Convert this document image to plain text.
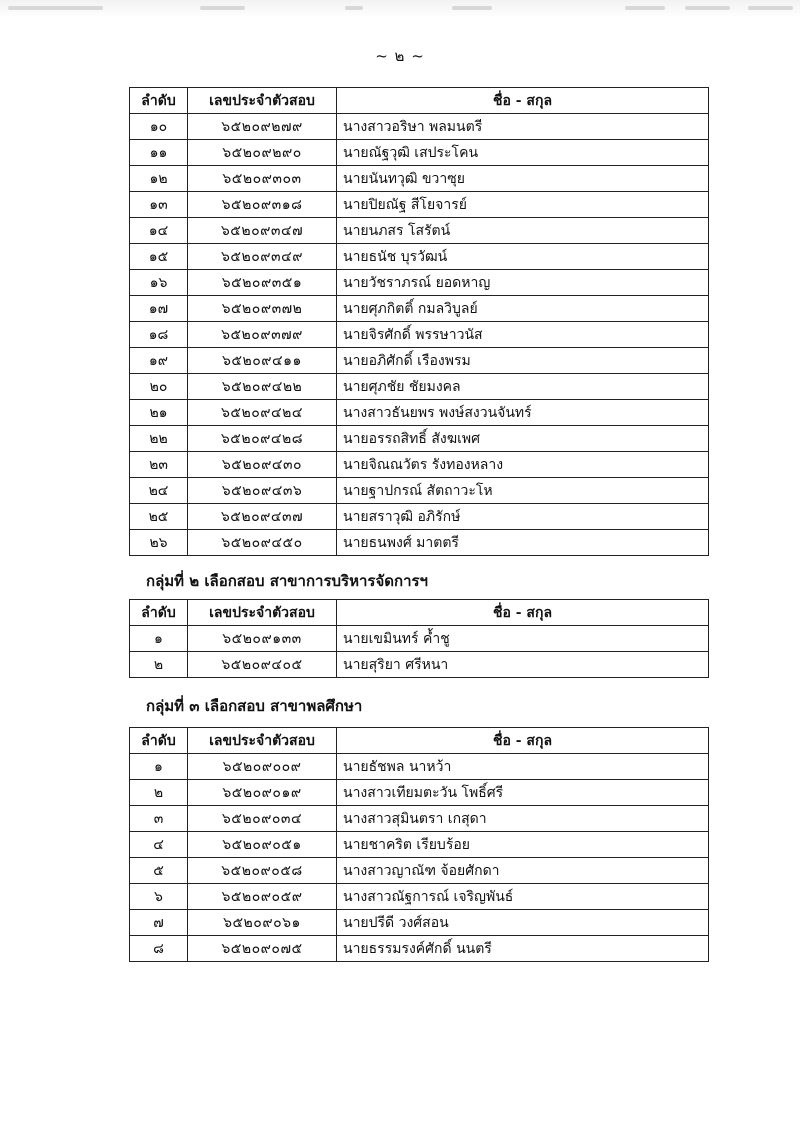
~ ๒ ~
ลำดับ	เลขประจำตัวสอบ	ชื่อ - สกุล
๑๐	๖๕๒๐๙๒๗๙	นางสาวอริษา พลมนตรี
๑๑	๖๕๒๐๙๒๙๐	นายณัฐวุฒิ เสประโคน
๑๒	๖๕๒๐๙๓๐๓	นายนันทวุฒิ ขวาซุย
๑๓	๖๕๒๐๙๓๑๘	นายปิยณัฐ สีโยจารย์
๑๔	๖๕๒๐๙๓๔๗	นายนภสร โสรัตน์
๑๕	๖๕๒๐๙๓๔๙	นายธนัช บุรวัฒน์
๑๖	๖๕๒๐๙๓๕๑	นายวัชราภรณ์ ยอดหาญ
๑๗	๖๕๒๐๙๓๗๒	นายศุภกิตติ์ กมลวิบูลย์
๑๘	๖๕๒๐๙๓๗๙	นายจิรศักดิ์ พรรษาวนัส
๑๙	๖๕๒๐๙๔๑๑	นายอภิศักดิ์ เรืองพรม
๒๐	๖๕๒๐๙๔๒๒	นายศุภชัย ชัยมงคล
๒๑	๖๕๒๐๙๔๒๔	นางสาวธันยพร พงษ์สงวนจันทร์
๒๒	๖๕๒๐๙๔๒๘	นายอรรถสิทธิ์ สังฆเพศ
๒๓	๖๕๒๐๙๔๓๐	นายจิณณวัตร รังทองหลาง
๒๔	๖๕๒๐๙๔๓๖	นายฐาปกรณ์ สัตถาวะโห
๒๕	๖๕๒๐๙๔๓๗	นายสราวุฒิ อภิรักษ์
๒๖	๖๕๒๐๙๔๕๐	นายธนพงศ์ มาตตรี
กลุ่มที่ ๒ เลือกสอบ สาขาการบริหารจัดการฯ
ลำดับ	เลขประจำตัวสอบ	ชื่อ - สกุล
๑	๖๕๒๐๙๑๓๓	นายเขมินทร์ ค้ำชู
๒	๖๕๒๐๙๔๐๕	นายสุริยา ศรีหนา
กลุ่มที่ ๓ เลือกสอบ สาขาพลศึกษา
ลำดับ	เลขประจำตัวสอบ	ชื่อ - สกุล
๑	๖๕๒๐๙๐๐๙	นายธัชพล นาหว้า
๒	๖๕๒๐๙๐๑๙	นางสาวเทียมตะวัน โพธิ์ศรี
๓	๖๕๒๐๙๐๓๔	นางสาวสุมินตรา เกสุดา
๔	๖๕๒๐๙๐๕๑	นายชาคริต เรียบร้อย
๕	๖๕๒๐๙๐๕๘	นางสาวญาณัฑ จ้อยศักดา
๖	๖๕๒๐๙๐๕๙	นางสาวณัฐการณ์ เจริญพันธ์
๗	๖๕๒๐๙๐๖๑	นายปรีดี วงศ์สอน
๘	๖๕๒๐๙๐๗๕	นายธรรมรงค์ศักดิ์ นนตรี
